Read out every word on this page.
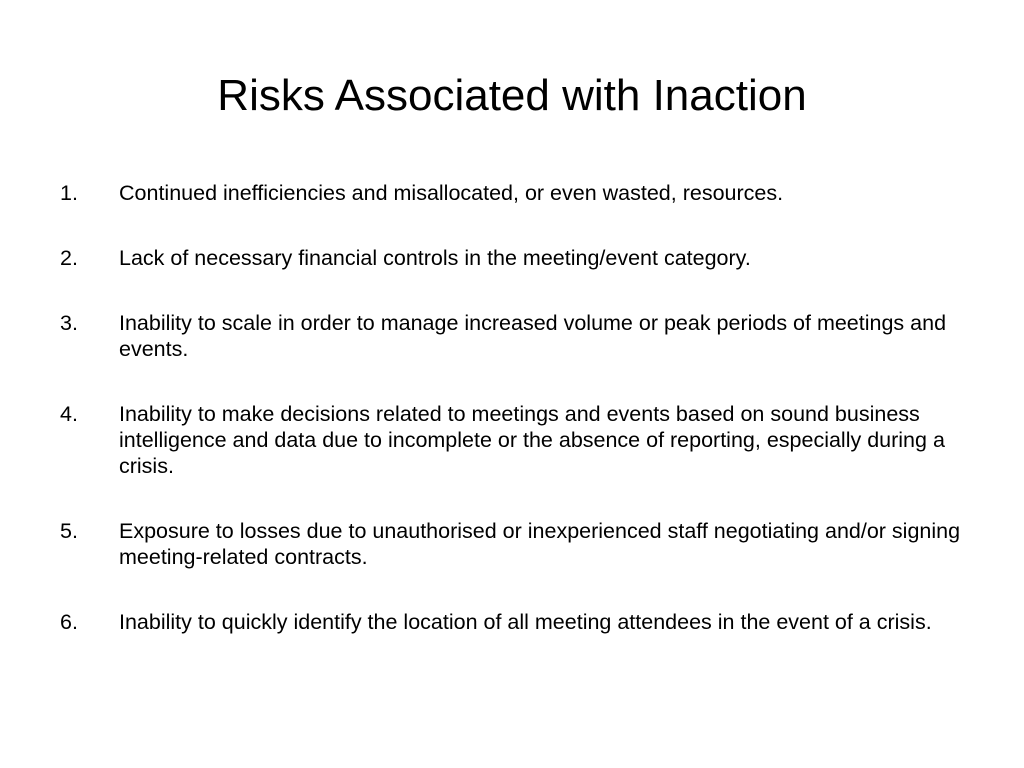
Risks Associated with Inaction
1.	Continued inefficiencies and misallocated, or even wasted, resources.
2.	Lack of necessary financial controls in the meeting/event category.
3.	Inability to scale in order to manage increased volume or peak periods of meetings and events.
4.	Inability to make decisions related to meetings and events based on sound business intelligence and data due to incomplete or the absence of reporting, especially during a crisis.
5.	Exposure to losses due to unauthorised or inexperienced staff negotiating and/or signing meeting-related contracts.
6.	Inability to quickly identify the location of all meeting attendees in the event of a crisis.
